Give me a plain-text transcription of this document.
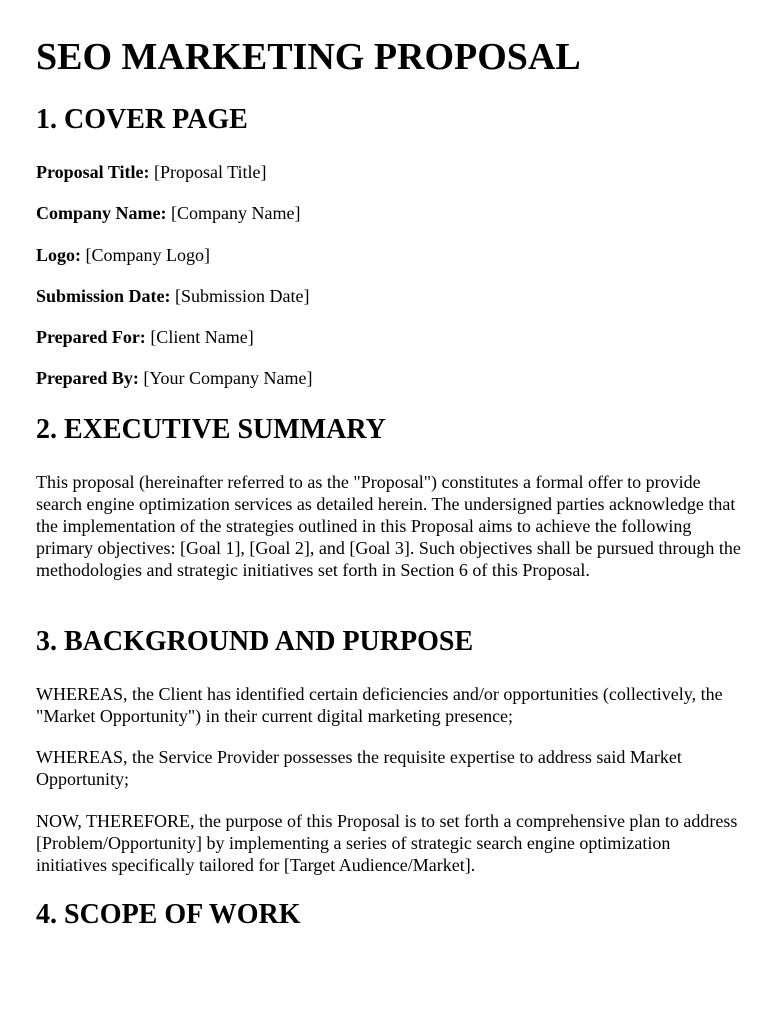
SEO MARKETING PROPOSAL
1. COVER PAGE
Proposal Title: [Proposal Title]
Company Name: [Company Name]
Logo: [Company Logo]
Submission Date: [Submission Date]
Prepared For: [Client Name]
Prepared By: [Your Company Name]
2. EXECUTIVE SUMMARY

This proposal (hereinafter referred to as the "Proposal") constitutes a formal offer to provide search engine optimization services as detailed herein. The undersigned parties acknowledge that the implementation of the strategies outlined in this Proposal aims to achieve the following primary objectives: [Goal 1], [Goal 2], and [Goal 3]. Such objectives shall be pursued through the methodologies and strategic initiatives set forth in Section 6 of this Proposal.

3. BACKGROUND AND PURPOSE

WHEREAS, the Client has identified certain deficiencies and/or opportunities (collectively, the "Market Opportunity") in their current digital marketing presence;

WHEREAS, the Service Provider possesses the requisite expertise to address said Market Opportunity;

NOW, THEREFORE, the purpose of this Proposal is to set forth a comprehensive plan to address [Problem/Opportunity] by implementing a series of strategic search engine optimization initiatives specifically tailored for [Target Audience/Market].

4. SCOPE OF WORK
